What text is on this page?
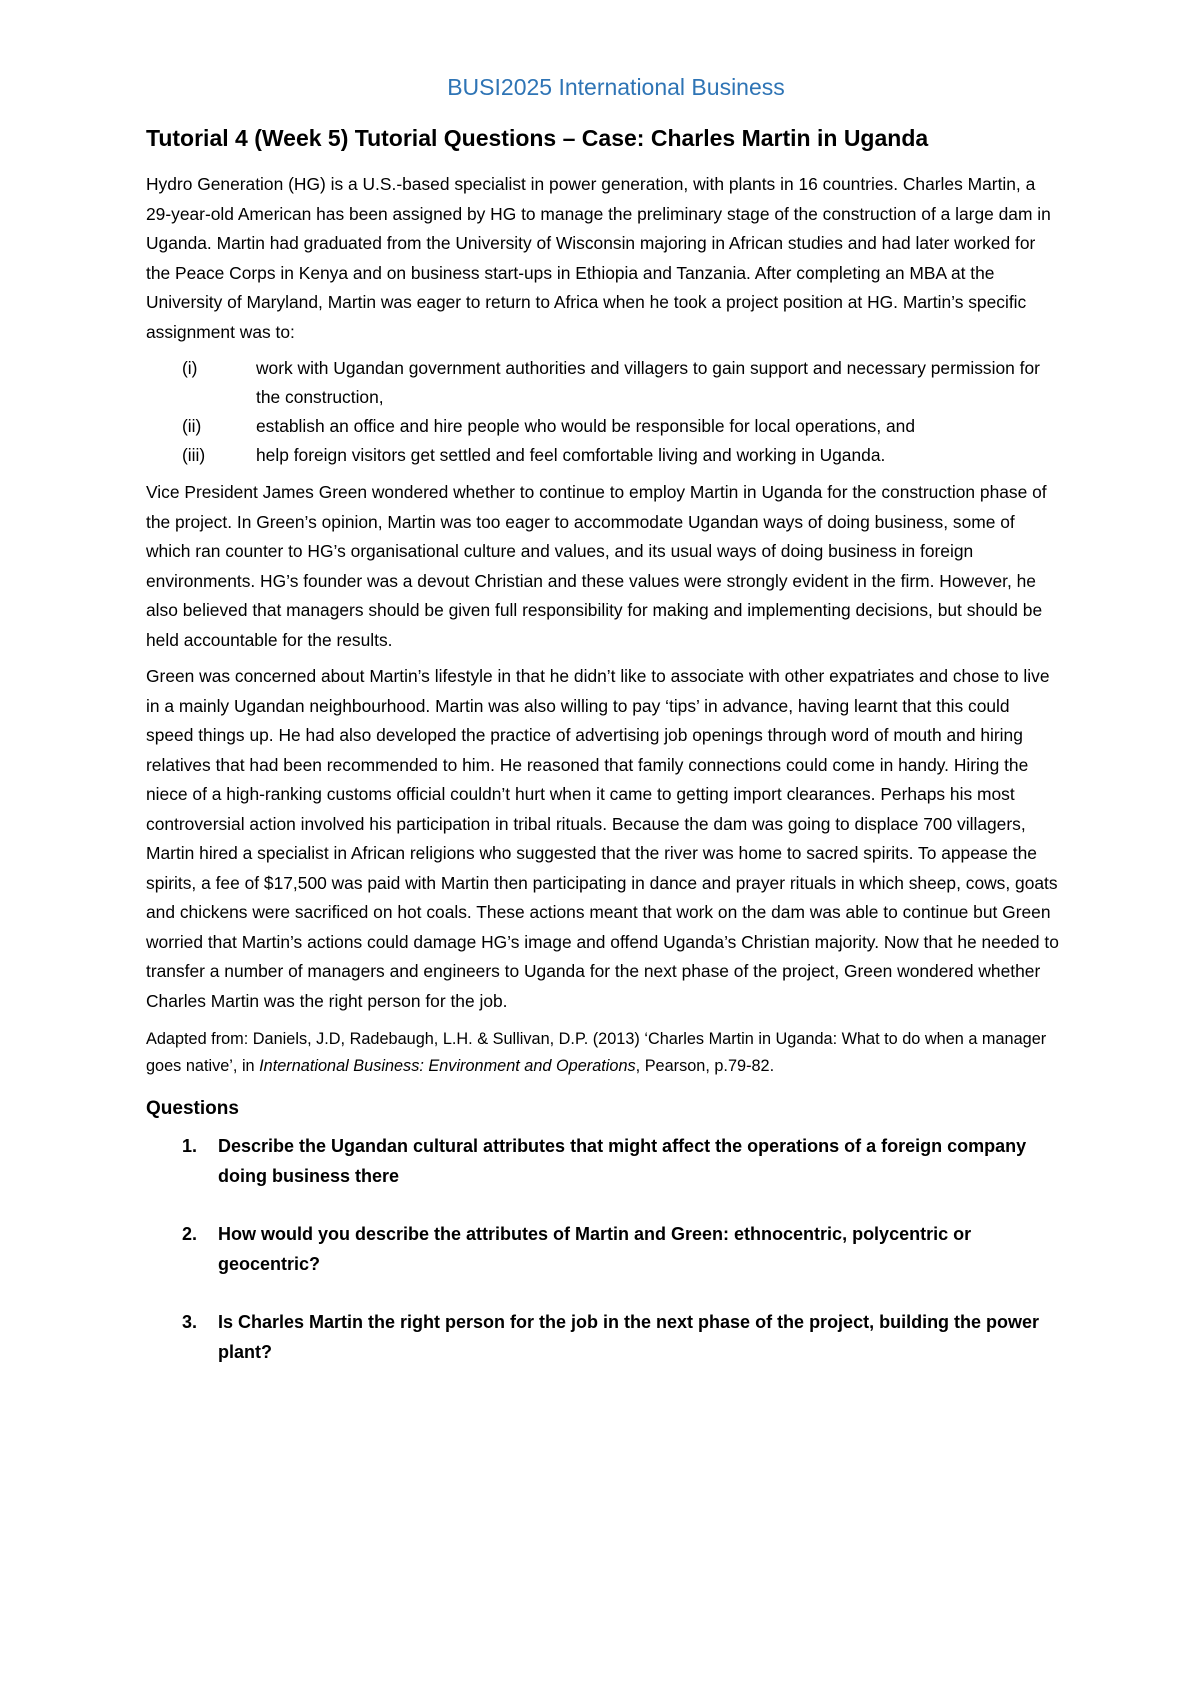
BUSI2025 International Business
Tutorial 4 (Week 5) Tutorial Questions – Case: Charles Martin in Uganda

Hydro Generation (HG) is a U.S.-based specialist in power generation, with plants in 16 countries. Charles Martin, a 29-year-old American has been assigned by HG to manage the preliminary stage of the construction of a large dam in Uganda. Martin had graduated from the University of Wisconsin majoring in African studies and had later worked for the Peace Corps in Kenya and on business start-ups in Ethiopia and Tanzania. After completing an MBA at the University of Maryland, Martin was eager to return to Africa when he took a project position at HG. Martin’s specific assignment was to:

(i)	work with Ugandan government authorities and villagers to gain support and necessary permission for the construction,
(ii)	establish an office and hire people who would be responsible for local operations, and
(iii)	help foreign visitors get settled and feel comfortable living and working in Uganda.

Vice President James Green wondered whether to continue to employ Martin in Uganda for the construction phase of the project. In Green’s opinion, Martin was too eager to accommodate Ugandan ways of doing business, some of which ran counter to HG’s organisational culture and values, and its usual ways of doing business in foreign environments. HG’s founder was a devout Christian and these values were strongly evident in the firm. However, he also believed that managers should be given full responsibility for making and implementing decisions, but should be held accountable for the results.

Green was concerned about Martin’s lifestyle in that he didn’t like to associate with other expatriates and chose to live in a mainly Ugandan neighbourhood. Martin was also willing to pay ‘tips’ in advance, having learnt that this could speed things up. He had also developed the practice of advertising job openings through word of mouth and hiring relatives that had been recommended to him. He reasoned that family connections could come in handy. Hiring the niece of a high-ranking customs official couldn’t hurt when it came to getting import clearances. Perhaps his most controversial action involved his participation in tribal rituals. Because the dam was going to displace 700 villagers, Martin hired a specialist in African religions who suggested that the river was home to sacred spirits. To appease the spirits, a fee of $17,500 was paid with Martin then participating in dance and prayer rituals in which sheep, cows, goats and chickens were sacrificed on hot coals. These actions meant that work on the dam was able to continue but Green worried that Martin’s actions could damage HG’s image and offend Uganda’s Christian majority. Now that he needed to transfer a number of managers and engineers to Uganda for the next phase of the project, Green wondered whether Charles Martin was the right person for the job.

Adapted from: Daniels, J.D, Radebaugh, L.H. & Sullivan, D.P. (2013) ‘Charles Martin in Uganda: What to do when a manager goes native’, in International Business: Environment and Operations, Pearson, p.79-82.

Questions
1.	Describe the Ugandan cultural attributes that might affect the operations of a foreign company doing business there
2.	How would you describe the attributes of Martin and Green: ethnocentric, polycentric or geocentric?
3.	Is Charles Martin the right person for the job in the next phase of the project, building the power plant?
